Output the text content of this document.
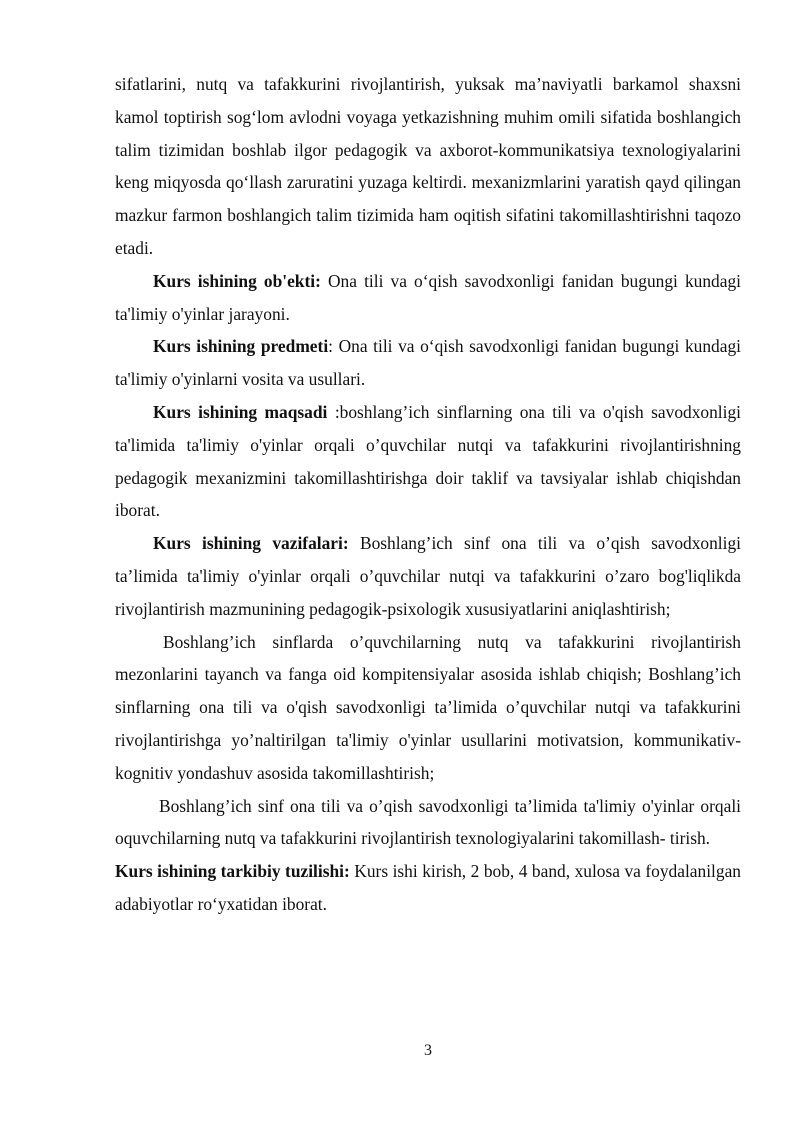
sifatlarini, nutq va tafakkurini rivojlantirish, yuksak ma’naviyatli barkamol shaxsni kamol toptirish sog‘lom avlodni voyaga yetkazishning muhim omili sifatida boshlangich talim tizimidan boshlab ilgor pedagogik va axborot-kommunikatsiya texnologiyalarini keng miqyosda qo‘llash zaruratini yuzaga keltirdi. mexanizmlarini yaratish qayd qilingan mazkur farmon boshlangich talim tizimida ham oqitish sifatini takomillashtirishni taqozo etadi.

Kurs ishining ob'ekti: Ona tili va o‘qish savodxonligi fanidan bugungi kundagi ta'limiy o'yinlar jarayoni.

Kurs ishining predmeti: Ona tili va o‘qish savodxonligi fanidan bugungi kundagi ta'limiy o'yinlarni vosita va usullari.

Kurs ishining maqsadi :boshlang’ich sinflarning ona tili va o'qish savodxonligi ta'limida ta'limiy o'yinlar orqali o’quvchilar nutqi va tafakkurini rivojlantirishning pedagogik mexanizmini takomillashtirishga doir taklif va tavsiyalar ishlab chiqishdan iborat.

Kurs ishining vazifalari: Boshlang’ich sinf ona tili va o’qish savodxonligi ta’limida ta'limiy o'yinlar orqali o’quvchilar nutqi va tafakkurini o’zaro bog'liqlikda rivojlantirish mazmunining pedagogik-psixologik xususiyatlarini aniqlashtirish;

Boshlang’ich sinflarda o’quvchilarning nutq va tafakkurini rivojlantirish mezonlarini tayanch va fanga oid kompitensiyalar asosida ishlab chiqish; Boshlang’ich sinflarning ona tili va o'qish savodxonligi ta’limida o’quvchilar nutqi va tafakkurini rivojlantirishga yo’naltirilgan ta'limiy o'yinlar usullarini motivatsion, kommunikativ-kognitiv yondashuv asosida takomillashtirish;

Boshlang’ich sinf ona tili va o’qish savodxonligi ta’limida ta'limiy o'yinlar orqali oquvchilarning nutq va tafakkurini rivojlantirish texnologiyalarini takomillash- tirish.

Kurs ishining tarkibiy tuzilishi: Kurs ishi kirish, 2 bob, 4 band, xulosa va foydalanilgan adabiyotlar ro‘yxatidan iborat.

3
